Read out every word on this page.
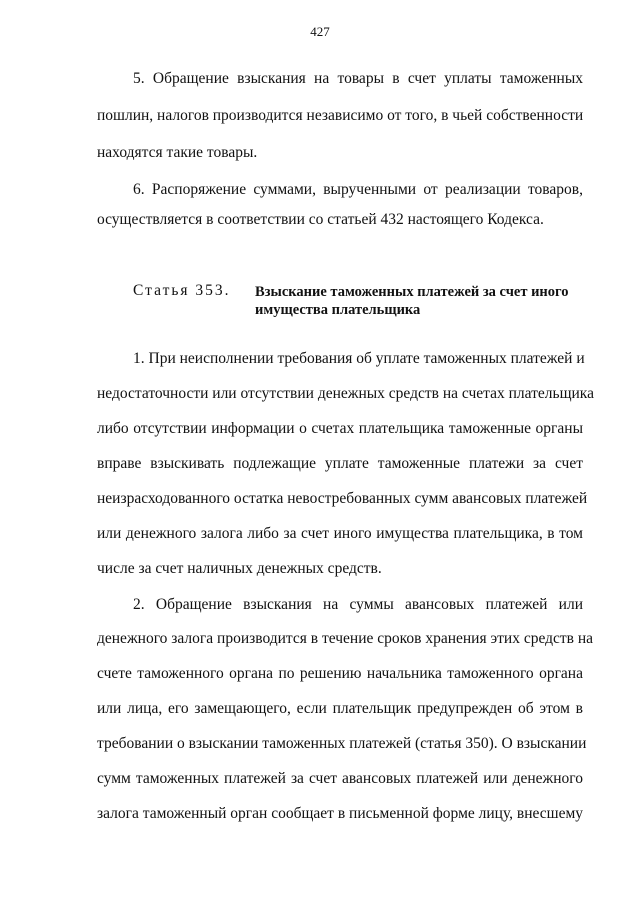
427
5. Обращение взыскания на товары в счет уплаты таможенных
пошлин, налогов производится независимо от того, в чьей собственности
находятся такие товары.
6. Распоряжение суммами, вырученными от реализации товаров,
осуществляется в соответствии со статьей 432 настоящего Кодекса.
Статья 353. Взыскание таможенных платежей за счет иного
имущества плательщика
1. При неисполнении требования об уплате таможенных платежей и
недостаточности или отсутствии денежных средств на счетах плательщика
либо отсутствии информации о счетах плательщика таможенные органы
вправе взыскивать подлежащие уплате таможенные платежи за счет
неизрасходованного остатка невостребованных сумм авансовых платежей
или денежного залога либо за счет иного имущества плательщика, в том
числе за счет наличных денежных средств.
2. Обращение взыскания на суммы авансовых платежей или
денежного залога производится в течение сроков хранения этих средств на
счете таможенного органа по решению начальника таможенного органа
или лица, его замещающего, если плательщик предупрежден об этом в
требовании о взыскании таможенных платежей (статья 350). О взыскании
сумм таможенных платежей за счет авансовых платежей или денежного
залога таможенный орган сообщает в письменной форме лицу, внесшему
